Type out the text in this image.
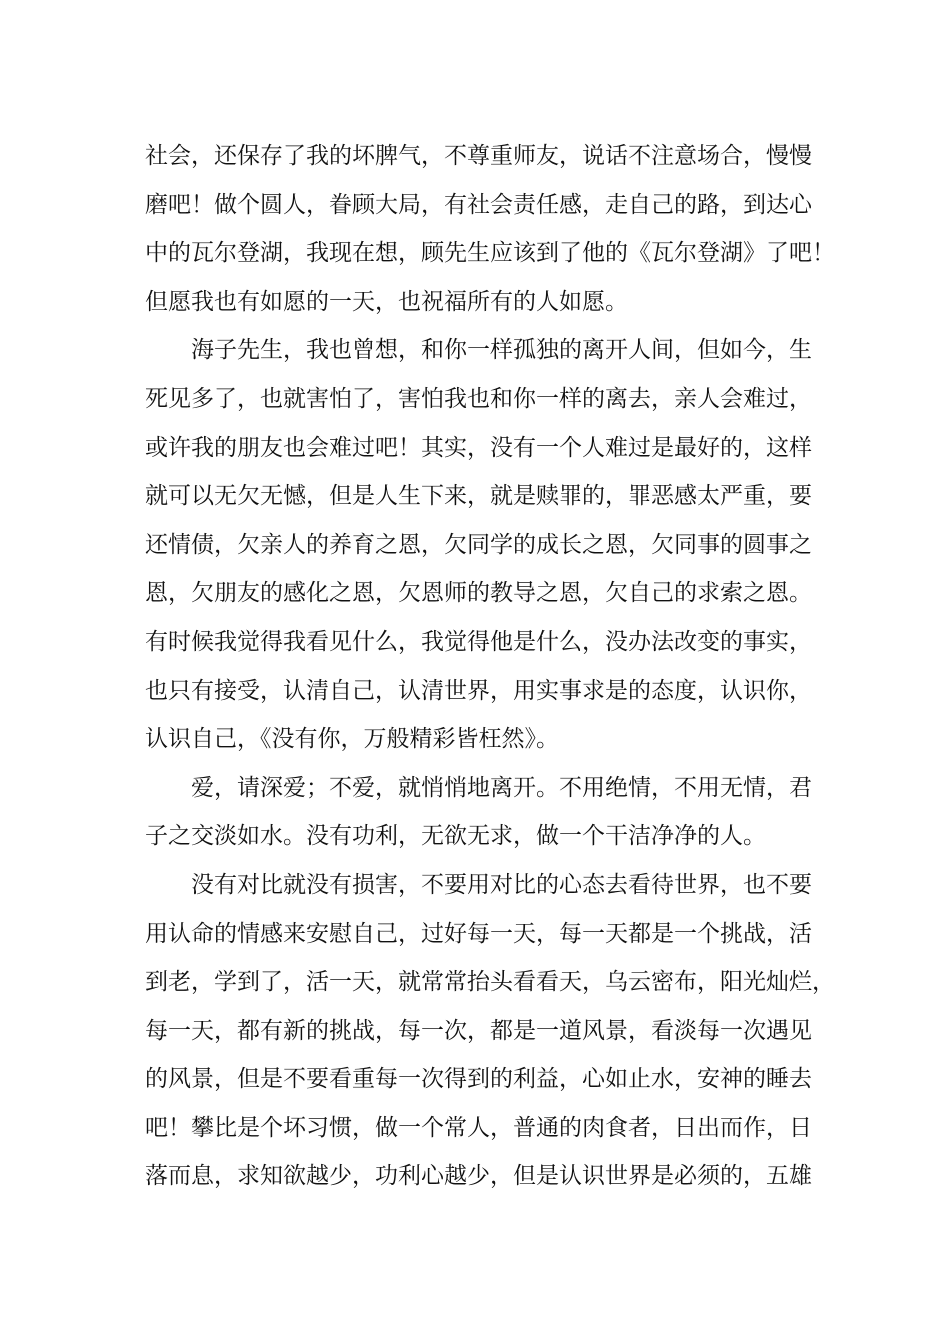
社会，还保存了我的坏脾气，不尊重师友，说话不注意场合，慢慢
磨吧！做个圆人，眷顾大局，有社会责任感，走自己的路，到达心
中的瓦尔登湖，我现在想，顾先生应该到了他的《瓦尔登湖》了吧！
但愿我也有如愿的一天，也祝福所有的人如愿。
海子先生，我也曾想，和你一样孤独的离开人间，但如今，生
死见多了，也就害怕了，害怕我也和你一样的离去，亲人会难过，
或许我的朋友也会难过吧！其实，没有一个人难过是最好的，这样
就可以无欠无憾，但是人生下来，就是赎罪的，罪恶感太严重，要
还情债，欠亲人的养育之恩，欠同学的成长之恩，欠同事的圆事之
恩，欠朋友的感化之恩，欠恩师的教导之恩，欠自己的求索之恩。
有时候我觉得我看见什么，我觉得他是什么，没办法改变的事实，
也只有接受，认清自己，认清世界，用实事求是的态度，认识你，
认识自己，《没有你，万般精彩皆枉然》。
爱，请深爱；不爱，就悄悄地离开。不用绝情，不用无情，君
子之交淡如水。没有功利，无欲无求，做一个干洁净净的人。
没有对比就没有损害，不要用对比的心态去看待世界，也不要
用认命的情感来安慰自己，过好每一天，每一天都是一个挑战，活
到老，学到了，活一天，就常常抬头看看天，乌云密布，阳光灿烂，
每一天，都有新的挑战，每一次，都是一道风景，看淡每一次遇见
的风景，但是不要看重每一次得到的利益，心如止水，安神的睡去
吧！攀比是个坏习惯，做一个常人，普通的肉食者，日出而作，日
落而息，求知欲越少，功利心越少，但是认识世界是必须的，五雄
